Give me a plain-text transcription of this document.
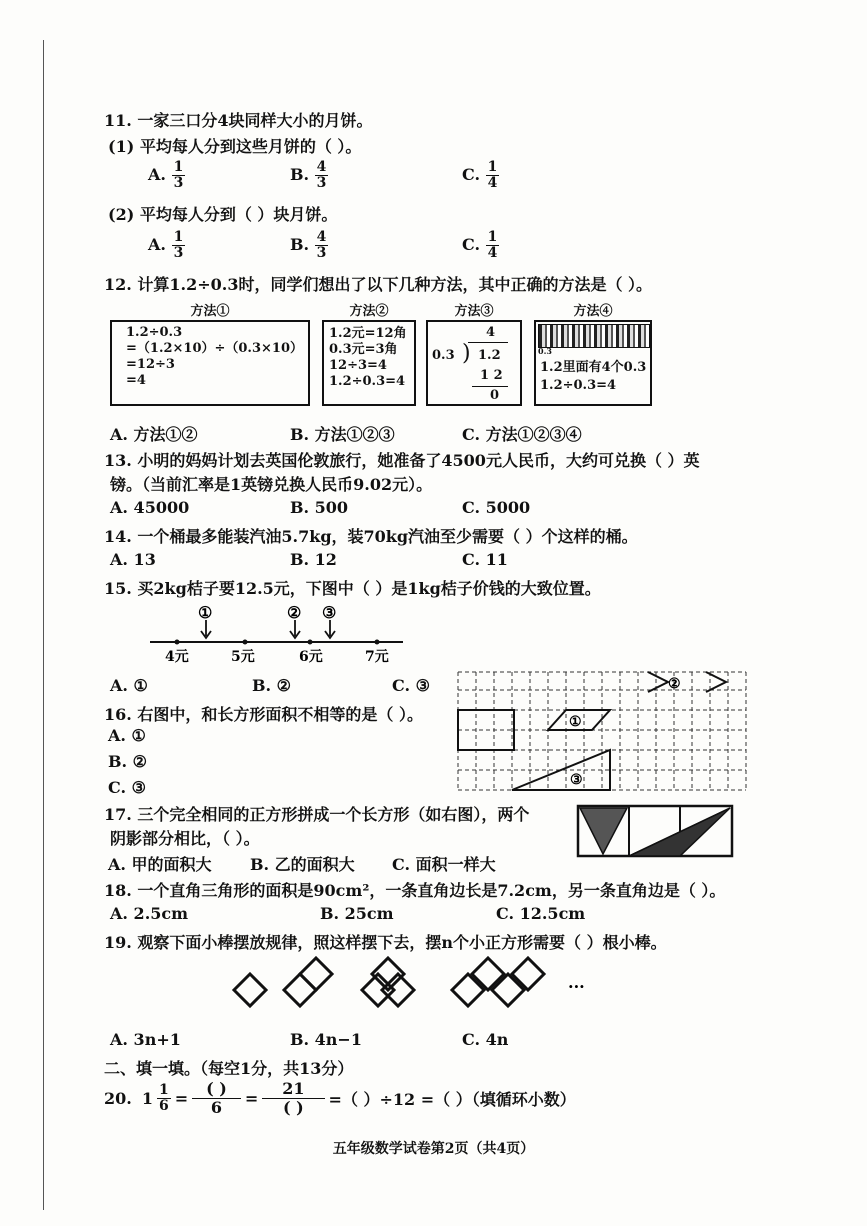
11. 一家三口分4块同样大小的月饼。
(1) 平均每人分到这些月饼的（ ）。
A. $\frac{1}{3}$	B. $\frac{4}{3}$	C. $\frac{1}{4}$
(2) 平均每人分到（ ）块月饼。
A. $\frac{1}{3}$	B. $\frac{4}{3}$	C. $\frac{1}{4}$
12. 计算1.2÷0.3时，同学们想出了以下几种方法，其中正确的方法是（ ）。
方法①	方法②	方法③	方法④
1.2÷0.3
=（1.2×10）÷（0.3×10）
=12÷3
=4
1.2元=12角
0.3元=3角
12÷3=4
1.2÷0.3=4
4
0.3 ) 1.2
1 2
0
0.3
1.2里面有4个0.3
1.2÷0.3=4
A. 方法①②	B. 方法①②③	C. 方法①②③④
13. 小明的妈妈计划去英国伦敦旅行，她准备了4500元人民币，大约可兑换（ ）英
镑。（当前汇率是1英镑兑换人民币9.02元）。
A. 45000	B. 500	C. 5000
14. 一个桶最多能装汽油5.7kg，装70kg汽油至少需要（ ）个这样的桶。
A. 13	B. 12	C. 11
15. 买2kg桔子要12.5元，下图中（ ）是1kg桔子价钱的大致位置。
4元	5元	6元	7元
①	② ③
A. ①	B. ②	C. ③
①
②
③
16. 右图中，和长方形面积不相等的是（ ）。
A. ①
B. ②
C. ③
17. 三个完全相同的正方形拼成一个长方形（如右图），两个
阴影部分相比，（ ）。
A. 甲的面积大 B. 乙的面积大 C. 面积一样大
18. 一个直角三角形的面积是90cm²，一条直角边长是7.2cm，另一条直角边是（ ）。
A. 2.5cm	B. 25cm	C. 12.5cm
19. 观察下面小棒摆放规律，照这样摆下去，摆n个小正方形需要（ ）根小棒。
...
A. 3n+1	B. 4n−1	C. 4n
二、填一填。（每空1分，共13分）
20. $1 \frac{1}{6} = \frac{( )}{6} = \frac{21}{( )}$ =（ ）÷12 =（ ）（填循环小数）
五年级数学试卷第2页（共4页）
